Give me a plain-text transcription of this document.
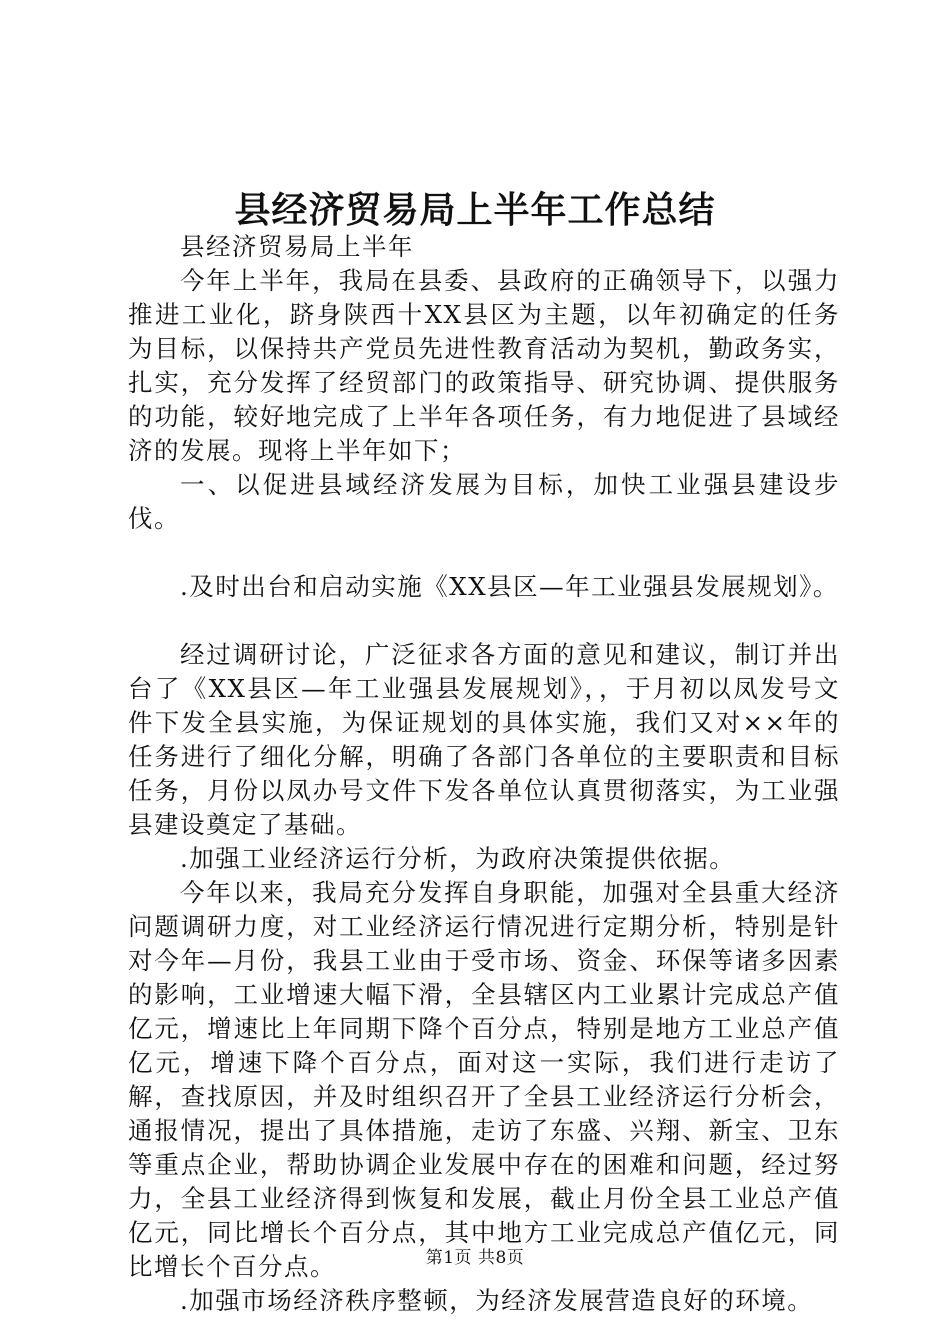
县经济贸易局上半年工作总结

县经济贸易局上半年

今年上半年，我局在县委、县政府的正确领导下，以强力推进工业化，跻身陕西十XX县区为主题，以年初确定的任务为目标，以保持共产党员先进性教育活动为契机，勤政务实，扎实，充分发挥了经贸部门的政策指导、研究协调、提供服务的功能，较好地完成了上半年各项任务，有力地促进了县域经济的发展。现将上半年如下；

一、以促进县域经济发展为目标，加快工业强县建设步伐。

.及时出台和启动实施《XX县区—年工业强县发展规划》。

经过调研讨论，广泛征求各方面的意见和建议，制订并出台了《XX县区—年工业强县发展规划》，，于月初以凤发号文件下发全县实施，为保证规划的具体实施，我们又对××年的任务进行了细化分解，明确了各部门各单位的主要职责和目标任务，月份以凤办号文件下发各单位认真贯彻落实，为工业强县建设奠定了基础。

.加强工业经济运行分析，为政府决策提供依据。

今年以来，我局充分发挥自身职能，加强对全县重大经济问题调研力度，对工业经济运行情况进行定期分析，特别是针对今年—月份，我县工业由于受市场、资金、环保等诸多因素的影响，工业增速大幅下滑，全县辖区内工业累计完成总产值亿元，增速比上年同期下降个百分点，特别是地方工业总产值亿元，增速下降个百分点，面对这一实际，我们进行走访了解，查找原因，并及时组织召开了全县工业经济运行分析会，通报情况，提出了具体措施，走访了东盛、兴翔、新宝、卫东等重点企业，帮助协调企业发展中存在的困难和问题，经过努力，全县工业经济得到恢复和发展，截止月份全县工业总产值亿元，同比增长个百分点，其中地方工业完成总产值亿元，同比增长个百分点。

.加强市场经济秩序整顿，为经济发展营造良好的环境。

第1页 共8页
